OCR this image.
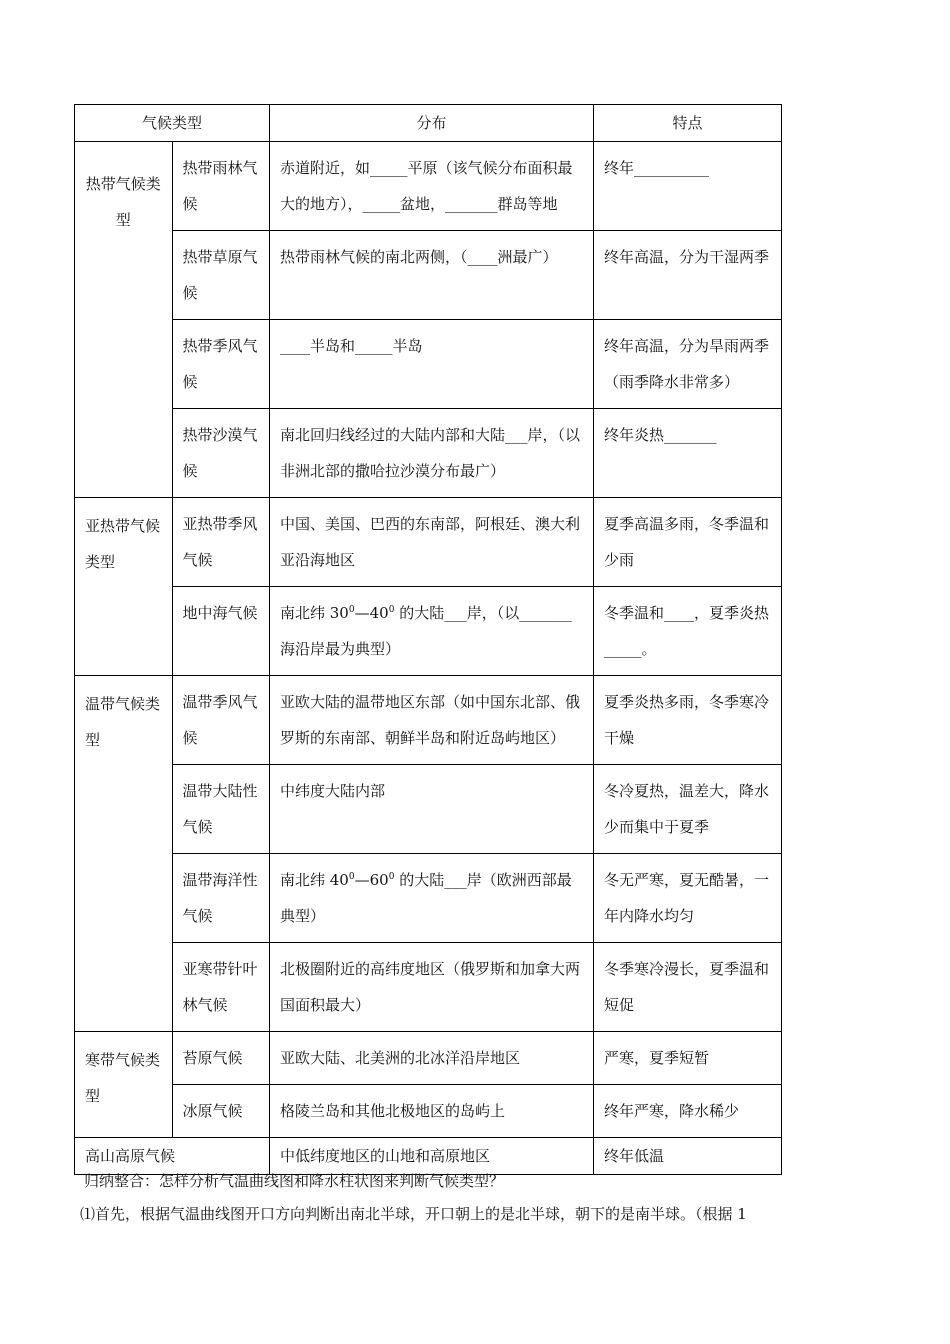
气候类型		分布	特点
热带气候类型	热带雨林气候	赤道附近，如_____平原（该气候分布面积最大的地方），_____盆地，_______群岛等地	终年__________
	热带草原气候	热带雨林气候的南北两侧，（____洲最广）	终年高温，分为干湿两季
	热带季风气候	____半岛和_____半岛	终年高温，分为旱雨两季（雨季降水非常多）
	热带沙漠气候	南北回归线经过的大陆内部和大陆___岸，（以非洲北部的撒哈拉沙漠分布最广）	终年炎热_______
亚热带气候类型	亚热带季风气候	中国、美国、巴西的东南部，阿根廷、澳大利亚沿海地区	夏季高温多雨，冬季温和少雨
	地中海气候	南北纬 $30^0—40^0$ 的大陆___岸，（以_______海沿岸最为典型）	冬季温和____，夏季炎热_____。
温带气候类型	温带季风气候	亚欧大陆的温带地区东部（如中国东北部、俄罗斯的东南部、朝鲜半岛和附近岛屿地区）	夏季炎热多雨，冬季寒冷干燥
	温带大陆性气候	中纬度大陆内部	冬冷夏热，温差大，降水少而集中于夏季
	温带海洋性气候	南北纬 $40^0—60^0$ 的大陆___岸（欧洲西部最典型）	冬无严寒，夏无酷暑，一年内降水均匀
	亚寒带针叶林气候	北极圈附近的高纬度地区（俄罗斯和加拿大两国面积最大）	冬季寒冷漫长，夏季温和短促
寒带气候类型	苔原气候	亚欧大陆、北美洲的北冰洋沿岸地区	严寒，夏季短暂
	冰原气候	格陵兰岛和其他北极地区的岛屿上	终年严寒，降水稀少
高山高原气候		中低纬度地区的山地和高原地区	终年低温
归纳整合：怎样分析气温曲线图和降水柱状图来判断气候类型？
⑴首先，根据气温曲线图开口方向判断出南北半球，开口朝上的是北半球，朝下的是南半球。（根据 1
